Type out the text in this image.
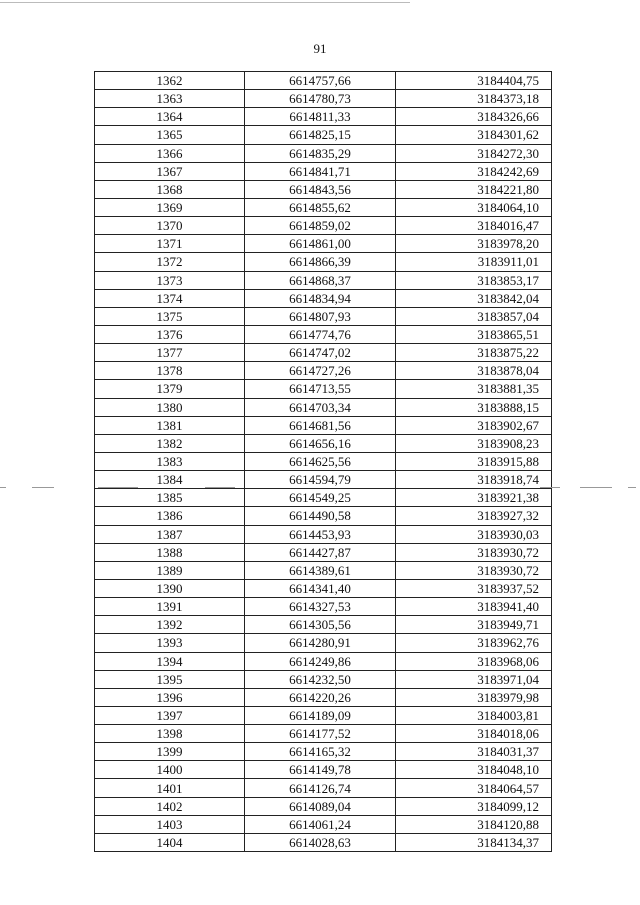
91
1362	6614757,66	3184404,75
1363	6614780,73	3184373,18
1364	6614811,33	3184326,66
1365	6614825,15	3184301,62
1366	6614835,29	3184272,30
1367	6614841,71	3184242,69
1368	6614843,56	3184221,80
1369	6614855,62	3184064,10
1370	6614859,02	3184016,47
1371	6614861,00	3183978,20
1372	6614866,39	3183911,01
1373	6614868,37	3183853,17
1374	6614834,94	3183842,04
1375	6614807,93	3183857,04
1376	6614774,76	3183865,51
1377	6614747,02	3183875,22
1378	6614727,26	3183878,04
1379	6614713,55	3183881,35
1380	6614703,34	3183888,15
1381	6614681,56	3183902,67
1382	6614656,16	3183908,23
1383	6614625,56	3183915,88
1384	6614594,79	3183918,74
1385	6614549,25	3183921,38
1386	6614490,58	3183927,32
1387	6614453,93	3183930,03
1388	6614427,87	3183930,72
1389	6614389,61	3183930,72
1390	6614341,40	3183937,52
1391	6614327,53	3183941,40
1392	6614305,56	3183949,71
1393	6614280,91	3183962,76
1394	6614249,86	3183968,06
1395	6614232,50	3183971,04
1396	6614220,26	3183979,98
1397	6614189,09	3184003,81
1398	6614177,52	3184018,06
1399	6614165,32	3184031,37
1400	6614149,78	3184048,10
1401	6614126,74	3184064,57
1402	6614089,04	3184099,12
1403	6614061,24	3184120,88
1404	6614028,63	3184134,37
